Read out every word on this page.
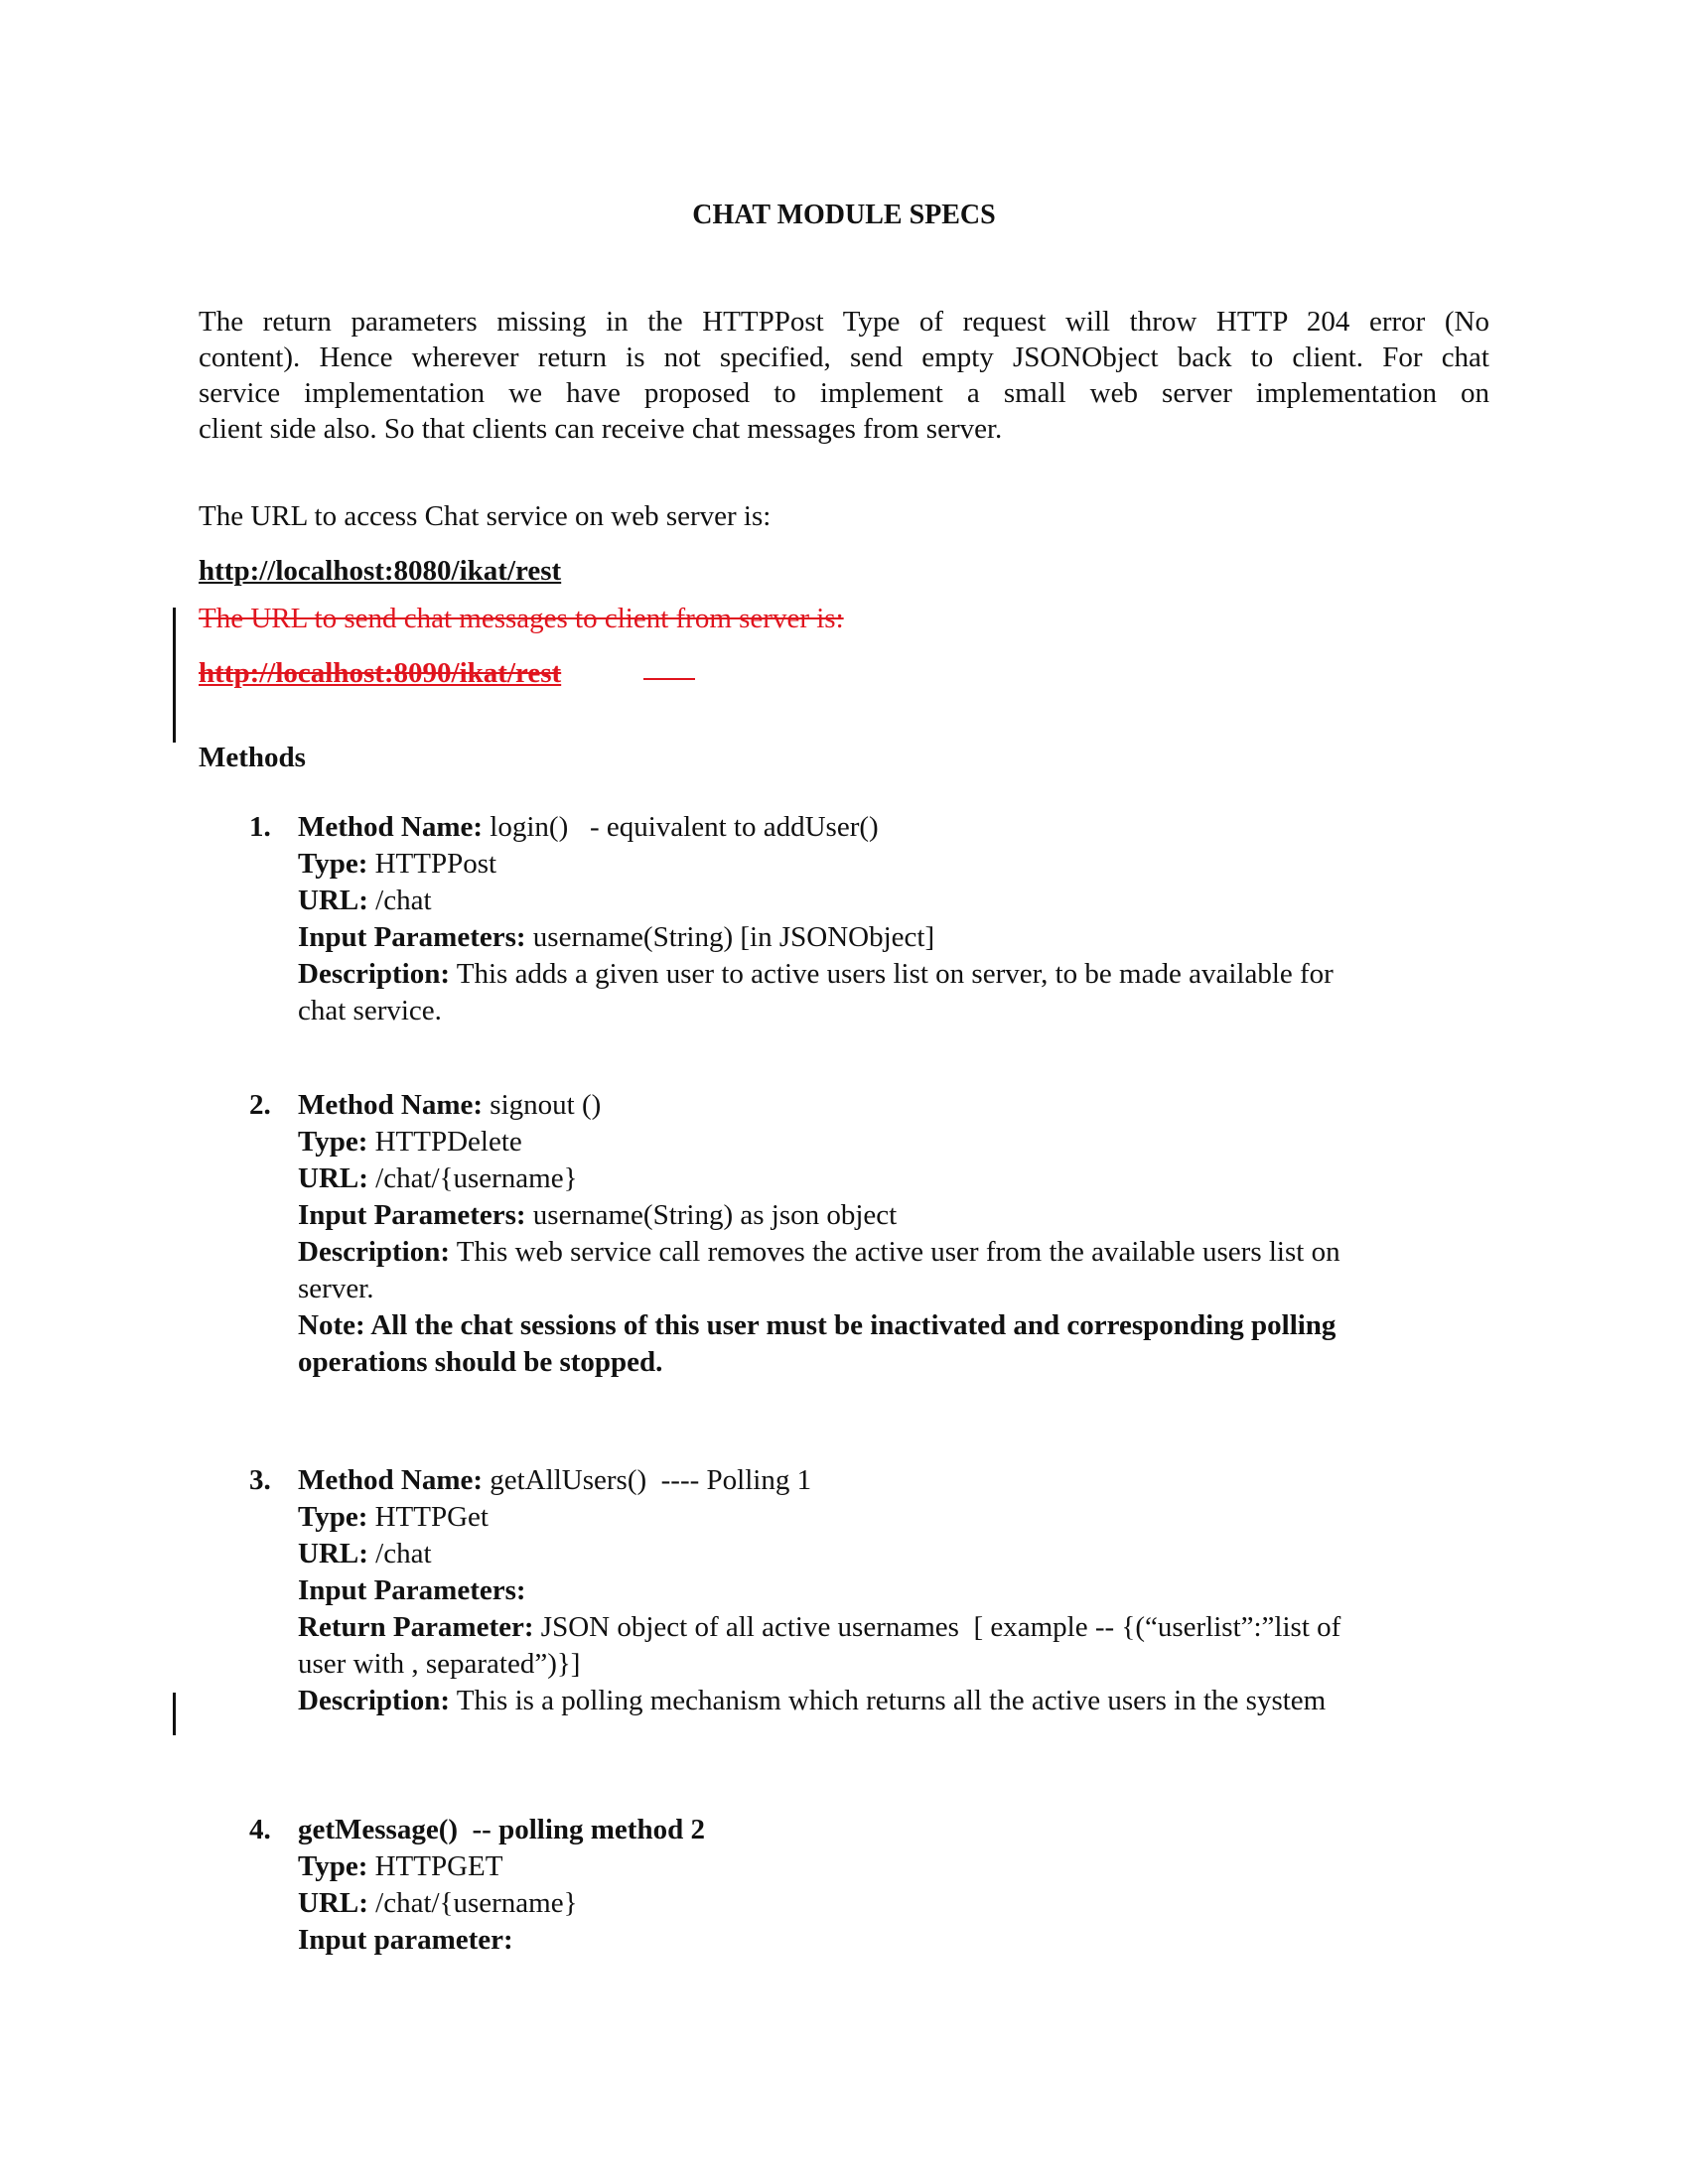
CHAT MODULE SPECS
The return parameters missing in the HTTPPost Type of request will throw HTTP 204 error (No
content). Hence wherever return is not specified, send empty JSONObject back to client. For chat
service implementation we have proposed to implement a small web server implementation on
client side also. So that clients can receive chat messages from server.
The URL to access Chat service on web server is:
http://localhost:8080/ikat/rest
The URL to send chat messages to client from server is:
http://localhost:8090/ikat/rest
Methods
1. Method Name: login()   - equivalent to addUser()
Type: HTTPPost
URL: /chat
Input Parameters: username(String) [in JSONObject]
Description: This adds a given user to active users list on server, to be made available for
chat service.
2. Method Name: signout ()
Type: HTTPDelete
URL: /chat/{username}
Input Parameters: username(String) as json object
Description: This web service call removes the active user from the available users list on
server.
Note: All the chat sessions of this user must be inactivated and corresponding polling
operations should be stopped.
3. Method Name: getAllUsers()  ---- Polling 1
Type: HTTPGet
URL: /chat
Input Parameters:
Return Parameter: JSON object of all active usernames  [ example -- {(“userlist”:”list of
user with , separated”)}]
Description: This is a polling mechanism which returns all the active users in the system
4. getMessage()  -- polling method 2
Type: HTTPGET
URL: /chat/{username}
Input parameter:
